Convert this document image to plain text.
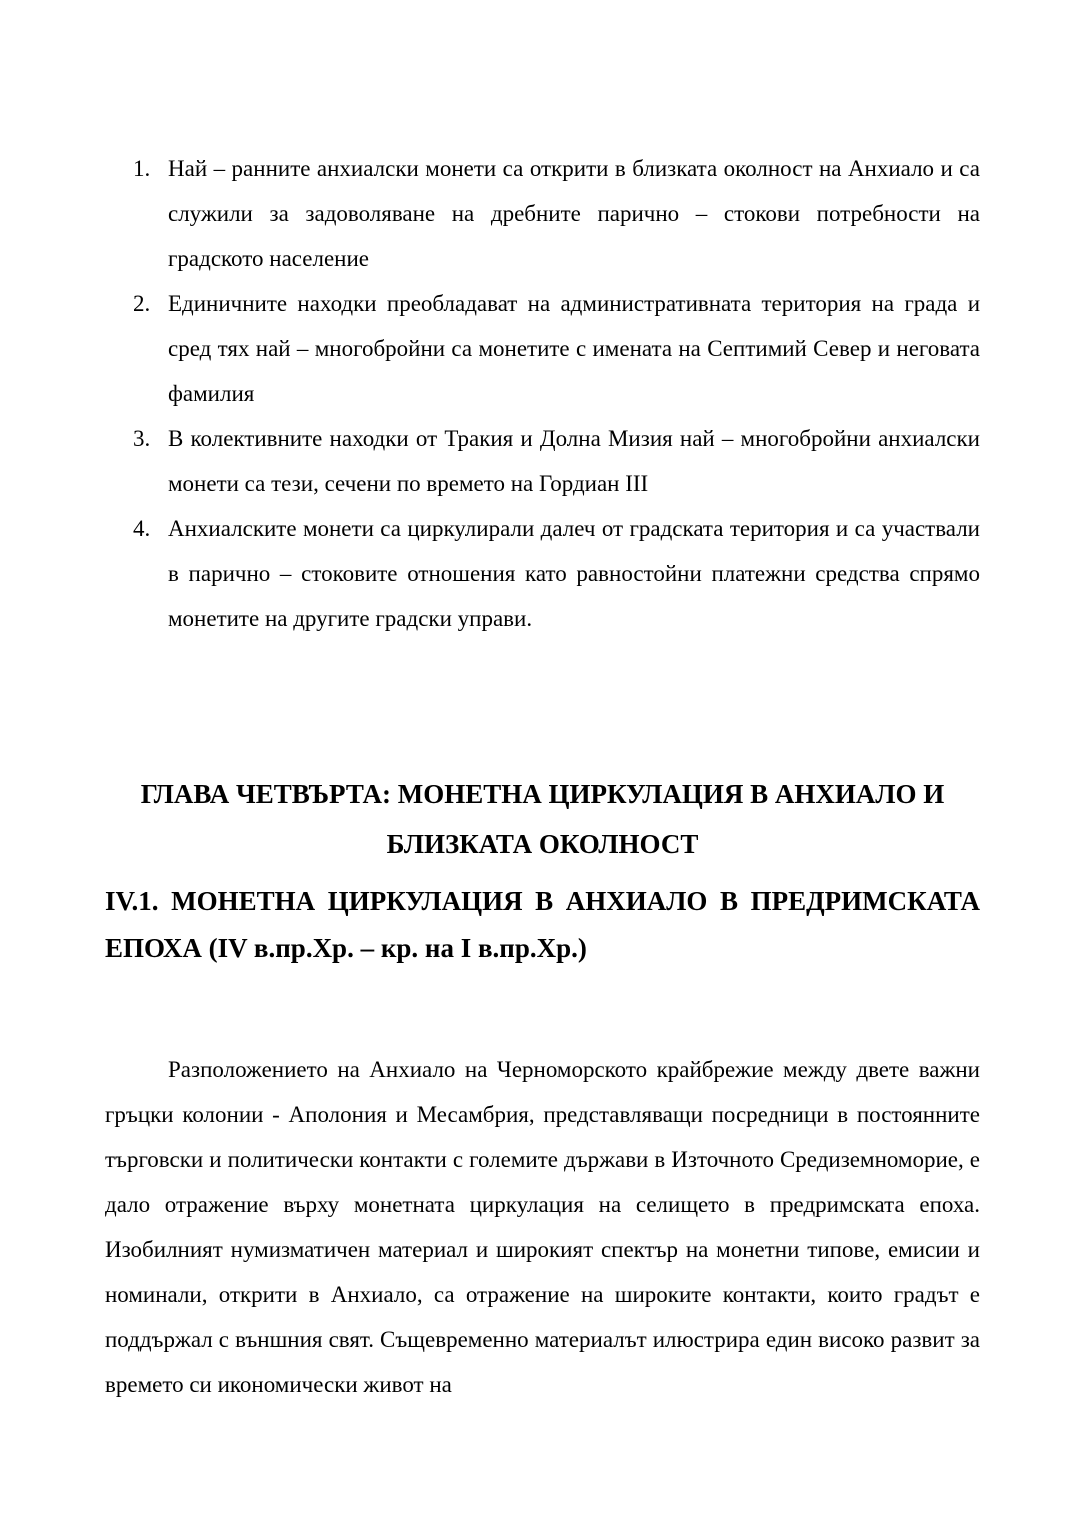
1. Най – ранните анхиалски монети са открити в близката околност на Анхиало и са служили за задоволяване на дребните парично – стокови потребности на градското население
2. Единичните находки преобладават на административната територия на града и сред тях най – многобройни са монетите с имената на Септимий Север и неговата фамилия
3. В колективните находки от Тракия и Долна Мизия най – многобройни анхиалски монети са тези, сечени по времето на Гордиан III
4. Анхиалските монети са циркулирали далеч от градската територия и са участвали в парично – стоковите отношения като равностойни платежни средства спрямо монетите на другите градски управи.
ГЛАВА ЧЕТВЪРТА: МОНЕТНА ЦИРКУЛАЦИЯ В АНХИАЛО И
БЛИЗКАТА ОКОЛНОСТ
IV.1. МОНЕТНА ЦИРКУЛАЦИЯ В АНХИАЛО В ПРЕДРИМСКАТА
ЕПОХА (IV в.пр.Хр. – кр. на I в.пр.Хр.)

Разположението на Анхиало на Черноморското крайбрежие между двете важни гръцки колонии - Аполония и Месамбрия, представляващи посредници в постоянните търговски и политически контакти с големите държави в Източното Средиземноморие, е дало отражение върху монетната циркулация на селището в предримската епоха. Изобилният нумизматичен материал и широкият спектър на монетни типове, емисии и номинали, открити в Анхиало, са отражение на широките контакти, които градът е поддържал с външния свят. Същевременно материалът илюстрира един високо развит за времето си икономически живот на
